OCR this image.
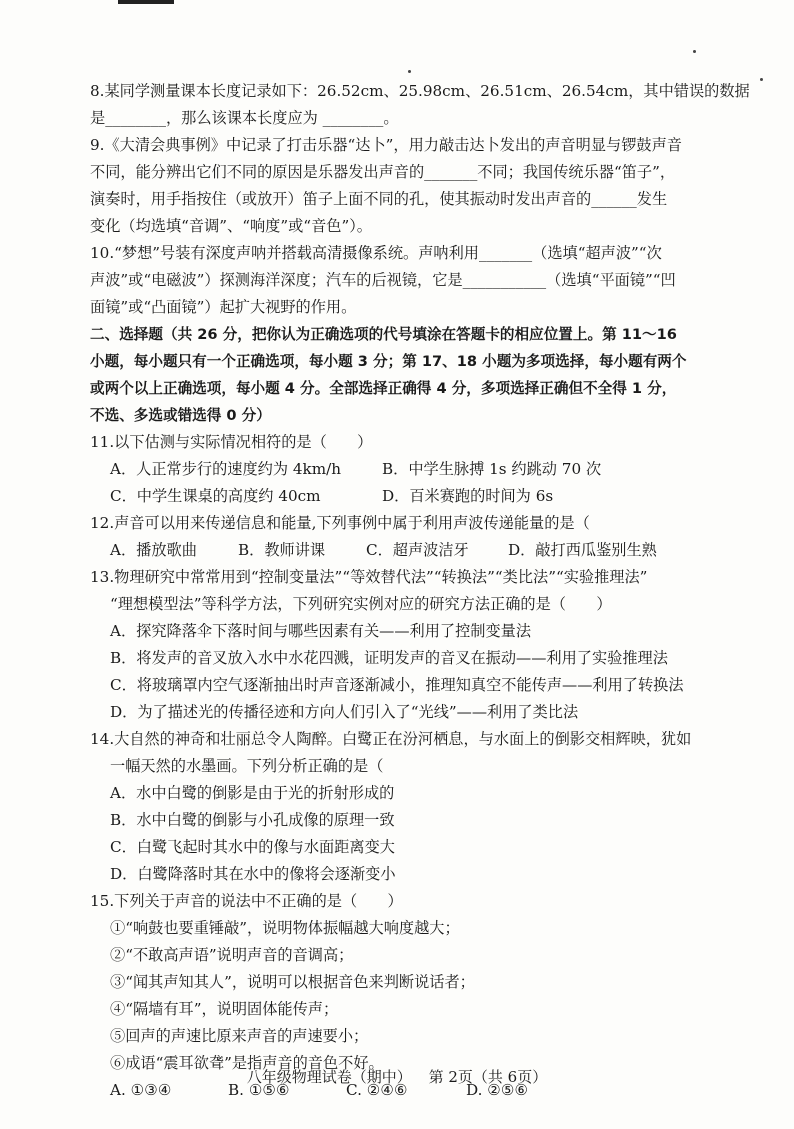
8.某同学测量课本长度记录如下：26.52cm、25.98cm、26.51cm、26.54cm，其中错误的数据
是________，那么该课本长度应为 ________。
9.《大清会典事例》中记录了打击乐器“达卜”，用力敲击达卜发出的声音明显与锣鼓声音
不同，能分辨出它们不同的原因是乐器发出声音的_______不同；我国传统乐器“笛子”，
演奏时，用手指按住（或放开）笛子上面不同的孔，使其振动时发出声音的______发生
变化（均选填“音调”、“响度”或“音色”）。
10.“梦想”号装有深度声呐并搭载高清摄像系统。声呐利用_______（选填“超声波”“次
声波”或“电磁波”）探测海洋深度；汽车的后视镜，它是___________（选填“平面镜”“凹
面镜”或“凸面镜”）起扩大视野的作用。
二、选择题（共 26 分，把你认为正确选项的代号填涂在答题卡的相应位置上。第 11～16
小题，每小题只有一个正确选项，每小题 3 分；第 17、18 小题为多项选择，每小题有两个
或两个以上正确选项，每小题 4 分。全部选择正确得 4 分，多项选择正确但不全得 1 分，
不选、多选或错选得 0 分）
11.以下估测与实际情况相符的是（　　）
A．人正常步行的速度约为 4km/h	B．中学生脉搏 1s 约跳动 70 次
C．中学生课桌的高度约 40cm	D．百米赛跑的时间为 6s
12.声音可以用来传递信息和能量,下列事例中属于利用声波传递能量的是（
A．播放歌曲	B．教师讲课	C．超声波洁牙	D．敲打西瓜鉴别生熟
13.物理研究中常常用到“控制变量法”“等效替代法”“转换法”“类比法”“实验推理法”
“理想模型法”等科学方法，下列研究实例对应的研究方法正确的是（　　）
A．探究降落伞下落时间与哪些因素有关——利用了控制变量法
B．将发声的音叉放入水中水花四溅，证明发声的音叉在振动——利用了实验推理法
C．将玻璃罩内空气逐渐抽出时声音逐渐减小，推理知真空不能传声——利用了转换法
D．为了描述光的传播径迹和方向人们引入了“光线”——利用了类比法
14.大自然的神奇和壮丽总令人陶醉。白鹭正在汾河栖息，与水面上的倒影交相辉映，犹如
一幅天然的水墨画。下列分析正确的是（
A．水中白鹭的倒影是由于光的折射形成的
B．水中白鹭的倒影与小孔成像的原理一致
C．白鹭飞起时其水中的像与水面距离变大
D．白鹭降落时其在水中的像将会逐渐变小
15.下列关于声音的说法中不正确的是（　　）
①“响鼓也要重锤敲”，说明物体振幅越大响度越大；
②“不敢高声语”说明声音的音调高；
③“闻其声知其人”，说明可以根据音色来判断说话者；
④“隔墙有耳”，说明固体能传声；
⑤回声的声速比原来声音的声速要小；
⑥成语“震耳欲聋”是指声音的音色不好。
A. ①③④	B. ①⑤⑥	C. ②④⑥	D. ②⑤⑥
八年级物理试卷（期中） 第 2页（共 6页）
